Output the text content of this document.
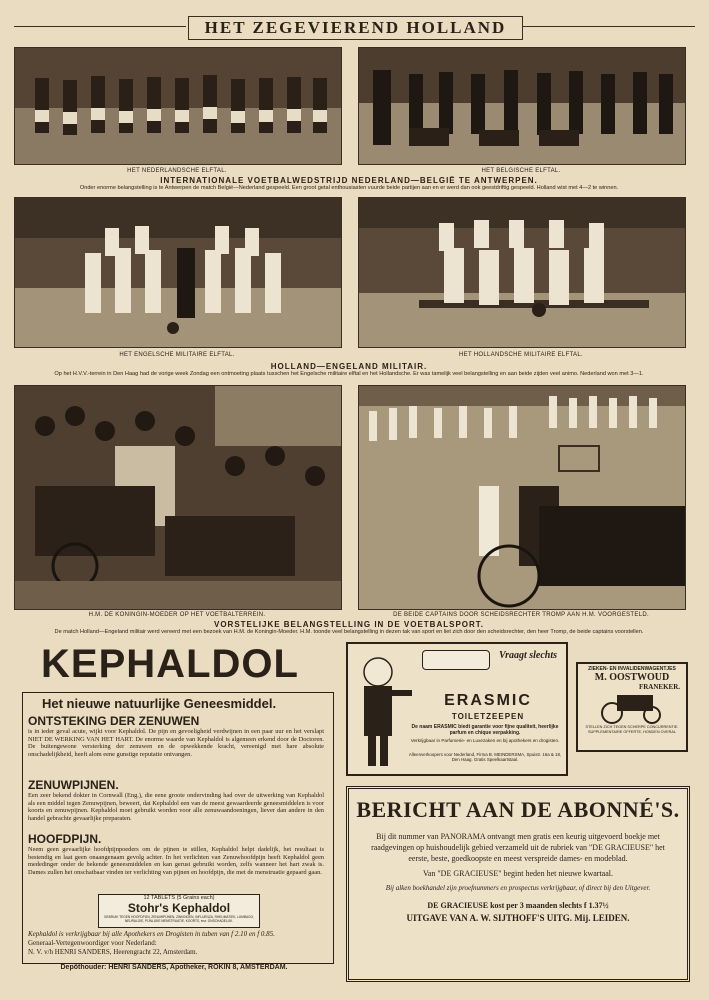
HET ZEGEVIEREND HOLLAND
HET NEDERLANDSCHE ELFTAL.	HET BELGISCHE ELFTAL.
INTERNATIONALE VOETBALWEDSTRIJD NEDERLAND—BELGIË TE ANTWERPEN.
Onder enorme belangstelling is te Antwerpen de match België—Nederland gespeeld. Een groot getal enthousiasten vuurde beide partijen aan en er werd dan ook geestdriftig gespeeld. Holland wist met 4—2 te winnen.
HET ENGELSCHE MILITAIRE ELFTAL.	HET HOLLANDSCHE MILITAIRE ELFTAL.
HOLLAND—ENGELAND MILITAIR.
Op het H.V.V.-terrein in Den Haag had de vorige week Zondag een ontmoeting plaats tusschen het Engelsche militaire elftal en het Hollandsche. Er was tamelijk veel belangstelling en aan beide zijden veel animo. Nederland won met 3—1.
H.M. DE KONINGIN-MOEDER OP HET VOETBALTERREIN.	DE BEIDE CAPTAINS DOOR SCHEIDSRECHTER TROMP AAN H.M. VOORGESTELD.
VORSTELIJKE BELANGSTELLING IN DE VOETBALSPORT.
De match Holland—Engeland militair werd vereerd met een bezoek van H.M. de Koningin-Moeder. H.M. toonde veel belangstelling in dezen tak van sport en liet zich door den scheidsrechter, den heer Tromp, de beide captains voorstellen.
KEPHALDOL
Het nieuwe natuurlijke Geneesmiddel.
ONTSTEKING DER ZENUWEN
is in ieder geval acute, wijkt voor Kephaldol. De pijn en gevoeligheid verdwijnen in een paar uur en het verslapt NIET DE WERKING VAN HET HART. De enorme waarde van Kephaldol is algemeen erkend door de Doctoren. De buitengewone versterking der zenuwen en de opwekkende kracht, vereenigd met hare absolute onschadelijkheid, heeft alom eene gunstige reputatie ontvangen.
ZENUWPIJNEN.
Een zeer bekend dokter in Cornwall (Eng.), die eene groote ondervinding had over de uitwerking van Kephaldol als een middel tegen Zenuwpijnen, beweert, dat Kephaldol een van de meest gewaardeerde geneesmiddelen is voor koorts en zenuwpijnen. Kephaldol moet gebruikt worden voor alle zenuwaandoeningen, liever dan andere in den handel gebrachte gevaarlijke preparaten.
HOOFDPIJN.
Neem geen gevaarlijke hoofdpijnpoeders om de pijnen te stillen, Kephaldol helpt dadelijk, het resultaat is bestendig en laat geen onaangenaam gevolg achter. In het verlichten van Zenuwhoofdpijn heeft Kephaldol geen mededinger onder de bekende geneesmiddelen en kan gerust gebruikt worden, zelfs wanneer het hart zwak is. Dames zullen het onschatbaar vinden ter verlichting van pijnen en hoofdpijn, die met de menstruatie gepaard gaan.
12 TABLETS (5 Grains each)
Stohr's Kephaldol
GEBRUIK TEGEN HOOFDPIJN, ZENUWPIJNEN, ZINKINGEN, INFLUENZA, RHEUMATIEK, LUMBAGO, NEURALGIE, PIJNLIJKE MENSTRUATIE, KOORTS, enz. ONSCHADELIJK.
Kephaldol is verkrijgbaar bij alle Apothekers en Drogisten in tuben van f 2.10 en f 0.85.
Generaal-Vertegenwoordiger voor Nederland:
N. V. v/h HENRI SANDERS, Heerengracht 22, Amsterdam.
Depôthouder: HENRI SANDERS, Apotheker, ROKIN 8, AMSTERDAM.
Vraagt slechts
ERASMIC
TOILETZEEPEN
De naam ERASMIC biedt garantie voor fijne qualiteit, heerlijke parfum en chique verpakking.
Verkrijgbaar in Parfumerie- en Luxezaken en bij apothekers en drogisten.
Alleenverkoopers voor Nederland, Firma B. MEINDERSMA, Spuistr. 16a & 18, Den Haag. Gratis Speelkaartstaal.
ZIEKEN- EN INVALIDENWAGENTJES
M. OOSTWOUD
FRANEKER.
STELLEN ZICH TEGEN SCHERPE CONCURRENTIE.
SUPPLEMENTAIRE OFFERTE, HONDEN OVERAL
BERICHT AAN DE ABONNÉ'S.
Bij dit nummer van PANORAMA ontvangt men gratis een keurig uitgevoerd boekje met raadgevingen op huishoudelijk gebied verzameld uit de rubriek van "DE GRACIEUSE" het eerste, beste, goedkoopste en meest verspreide dames- en modeblad.
Van "DE GRACIEUSE" begint heden het nieuwe kwartaal.
Bij alken boekhandel zijn proefnummers en prospectus verkrijgbaar, of direct bij den Uitgever.
DE GRACIEUSE kost per 3 maanden slechts f 1.37½
UITGAVE VAN A. W. SIJTHOFF'S UITG. Mij. LEIDEN.
